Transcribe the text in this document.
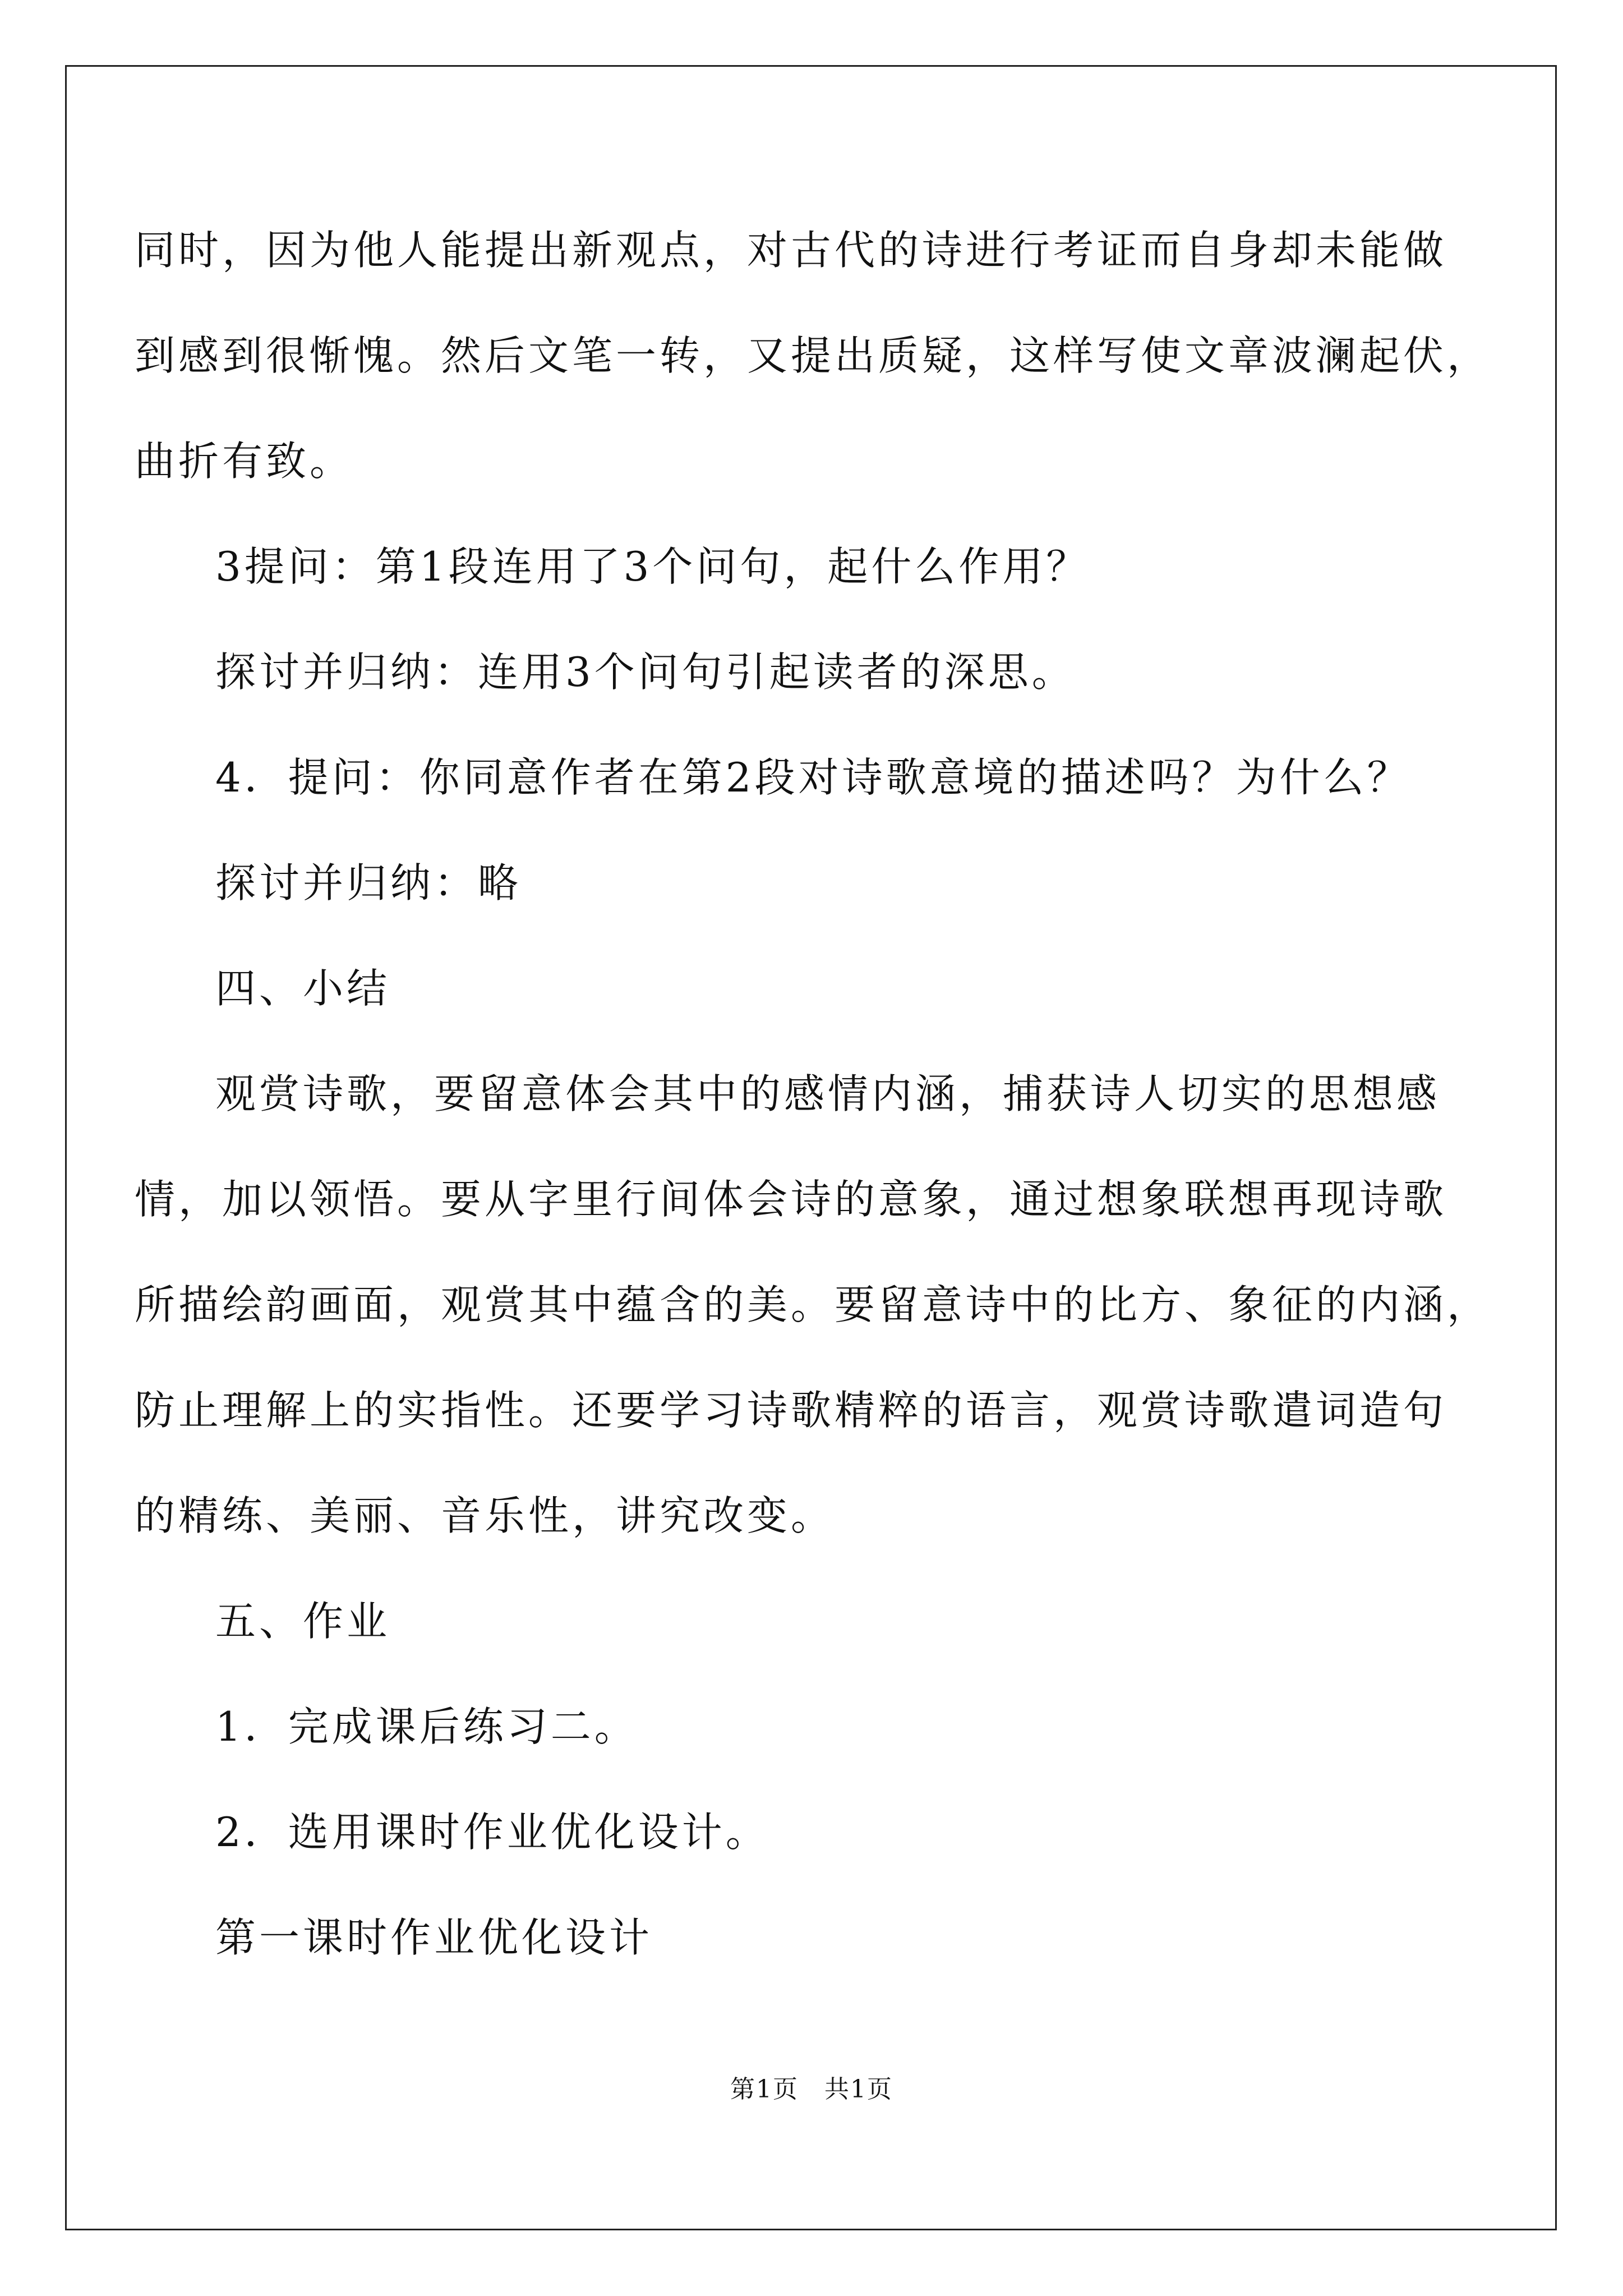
同时，因为他人能提出新观点，对古代的诗进行考证而自身却未能做
到感到很惭愧。然后文笔一转，又提出质疑，这样写使文章波澜起伏，
曲折有致。
3提问：第1段连用了3个问句，起什么作用？
探讨并归纳：连用3个问句引起读者的深思。
4．提问：你同意作者在第2段对诗歌意境的描述吗？为什么？
探讨并归纳：略
四、小结
观赏诗歌，要留意体会其中的感情内涵，捕获诗人切实的思想感
情，加以领悟。要从字里行间体会诗的意象，通过想象联想再现诗歌
所描绘韵画面，观赏其中蕴含的美。要留意诗中的比方、象征的内涵，
防止理解上的实指性。还要学习诗歌精粹的语言，观赏诗歌遣词造句
的精练、美丽、音乐性，讲究改变。
五、作业
1．完成课后练习二。
2．选用课时作业优化设计。
第一课时作业优化设计
第1页　共1页
